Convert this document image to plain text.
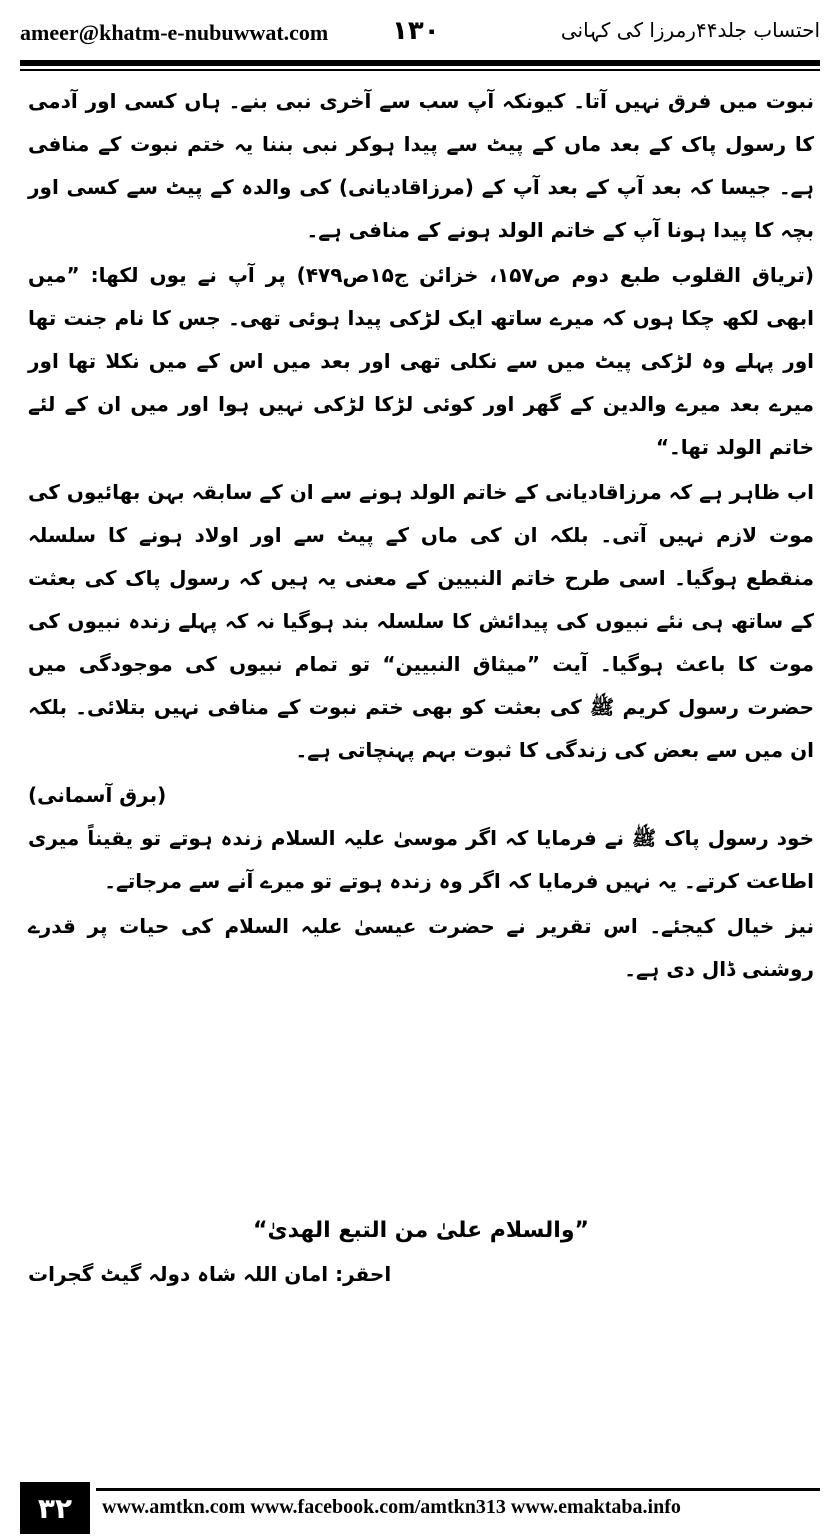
ameer@khatm-e-nubuwwat.com ۱۳۰	احتساب جلد۴۴رمرزا کی کہانی

نبوت میں فرق نہیں آتا۔ کیونکہ آپ سب سے آخری نبی بنے۔ ہاں کسی اور آدمی کا رسول پاک کے بعد ماں کے پیٹ سے پیدا ہوکر نبی بننا یہ ختم نبوت کے منافی ہے۔ جیسا کہ بعد آپ کے بعد آپ کے (مرزاقادیانی) کی والدہ کے پیٹ سے کسی اور بچہ کا پیدا ہونا آپ کے خاتم الولد ہونے کے منافی ہے۔

(تریاق القلوب طبع دوم ص۱۵۷، خزائن ج۱۵ص۴۷۹) پر آپ نے یوں لکھا: ”میں ابھی لکھ چکا ہوں کہ میرے ساتھ ایک لڑکی پیدا ہوئی تھی۔ جس کا نام جنت تھا اور پہلے وہ لڑکی پیٹ میں سے نکلی تھی اور بعد میں اس کے میں نکلا تھا اور میرے بعد میرے والدین کے گھر اور کوئی لڑکا لڑکی نہیں ہوا اور میں ان کے لئے خاتم الولد تھا۔“

اب ظاہر ہے کہ مرزاقادیانی کے خاتم الولد ہونے سے ان کے سابقہ بہن بھائیوں کی موت لازم نہیں آتی۔ بلکہ ان کی ماں کے پیٹ سے اور اولاد ہونے کا سلسلہ منقطع ہوگیا۔ اسی طرح خاتم النبیین کے معنی یہ ہیں کہ رسول پاک کی بعثت کے ساتھ ہی نئے نبیوں کی پیدائش کا سلسلہ بند ہوگیا نہ کہ پہلے زندہ نبیوں کی موت کا باعث ہوگیا۔ آیت ”میثاق النبیین“ تو تمام نبیوں کی موجودگی میں حضرت رسول کریم ﷺ کی بعثت کو بھی ختم نبوت کے منافی نہیں بتلائی۔ بلکہ ان میں سے بعض کی زندگی کا ثبوت بہم پہنچاتی ہے۔

(برق آسمانی)

خود رسول پاک ﷺ نے فرمایا کہ اگر موسیٰ علیہ السلام زندہ ہوتے تو یقیناً میری اطاعت کرتے۔ یہ نہیں فرمایا کہ اگر وہ زندہ ہوتے تو میرے آنے سے مرجاتے۔

نیز خیال کیجئے۔ اس تقریر نے حضرت عیسیٰ علیہ السلام کی حیات پر قدرے روشنی ڈال دی ہے۔

”والسلام علیٰ من التبع الھدیٰ“
احقر: امان اللہ شاہ دولہ گیٹ گجرات
۳۲	www.amtkn.com www.facebook.com/amtkn313 www.emaktaba.info
